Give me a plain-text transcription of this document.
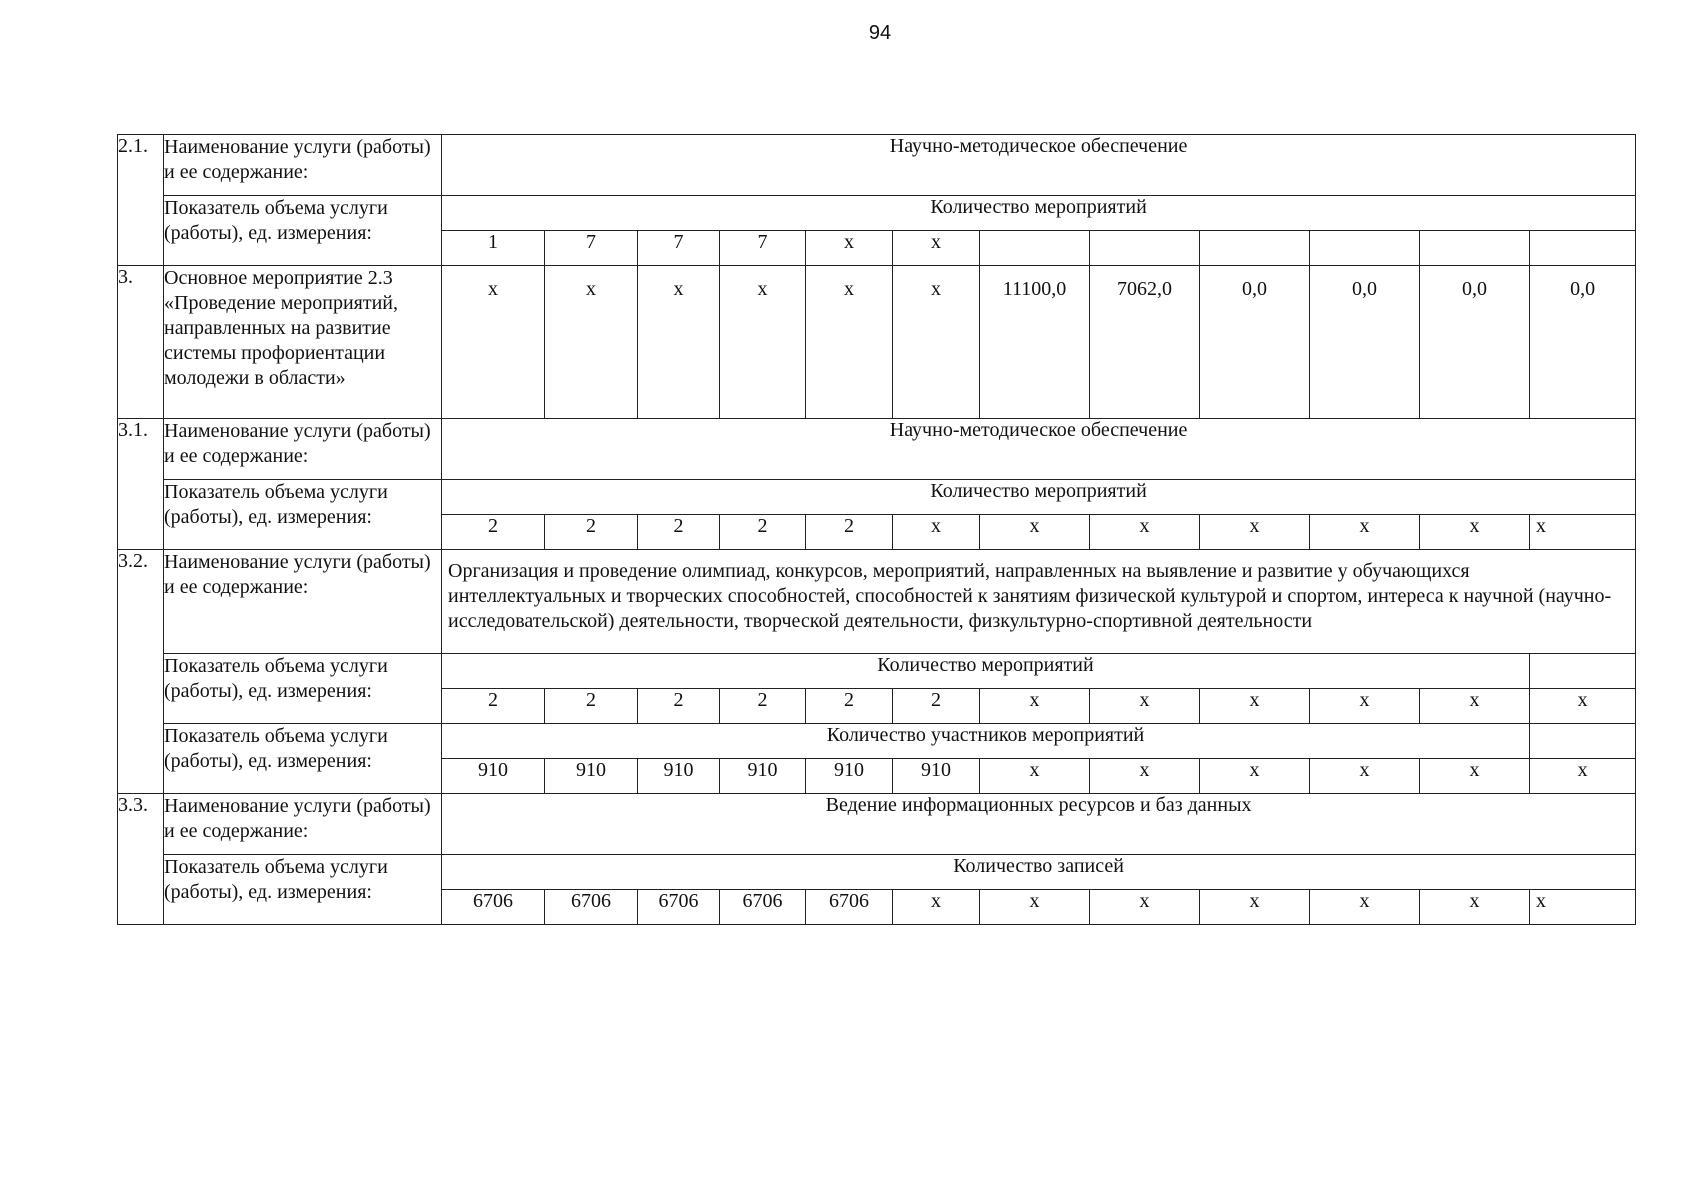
94
2.1.	Наименование услуги (работы) и ее содержание:	Научно-методическое обеспечение											
	Показатель объема услуги (работы), ед. измерения:	Количество мероприятий											
		1	7	7	7	x	x						
3.	Основное мероприятие 2.3 «Проведение мероприятий, направленных на развитие системы профориентации молодежи в области»	x	x	x	x	x	x	11100,0	7062,0	0,0	0,0	0,0	0,0
3.1.	Наименование услуги (работы) и ее содержание:	Научно-методическое обеспечение											
	Показатель объема услуги (работы), ед. измерения:	Количество мероприятий											
		2	2	2	2	2	x	x	x	x	x	x	x
3.2.	Наименование услуги (работы) и ее содержание:	Организация и проведение олимпиад, конкурсов, мероприятий, направленных на выявление и развитие у обучающихся интеллектуальных и творческих способностей, способностей к занятиям физической культурой и спортом, интереса к научной (научно-исследовательской) деятельности, творческой деятельности, физкультурно-спортивной деятельности											
	Показатель объема услуги (работы), ед. измерения:	Количество мероприятий											
		2	2	2	2	2	2	x	x	x	x	x	x
	Показатель объема услуги (работы), ед. измерения:	Количество участников мероприятий											
		910	910	910	910	910	910	x	x	x	x	x	x
3.3.	Наименование услуги (работы) и ее содержание:	Ведение информационных ресурсов и баз данных											
	Показатель объема услуги (работы), ед. измерения:	Количество записей											
		6706	6706	6706	6706	6706	x	x	x	x	x	x	x
